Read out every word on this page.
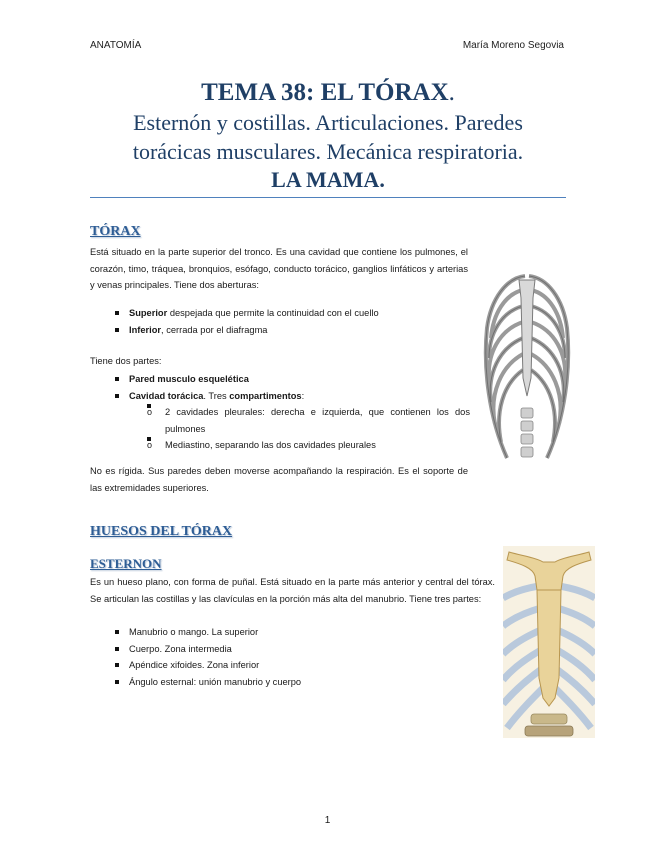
ANATOMÍA	María Moreno Segovia
TEMA 38: EL TÓRAX.
Esternón y costillas. Articulaciones. Paredes
torácicas musculares. Mecánica respiratoria.
LA MAMA.
TÓRAX
Está situado en la parte superior del tronco. Es una cavidad que contiene los pulmones, el corazón, timo, tráquea, bronquios, esófago, conducto torácico, ganglios linfáticos y arterias y venas principales. Tiene dos aberturas:
Superior despejada que permite la continuidad con el cuello
Inferior, cerrada por el diafragma
Tiene dos partes:
Pared musculo esquelética
Cavidad torácica. Tres compartimentos:
o 2 cavidades pleurales: derecha e izquierda, que contienen los dos pulmones
o Mediastino, separando las dos cavidades pleurales
No es rígida. Sus paredes deben moverse acompañando la respiración. Es el soporte de las extremidades superiores.
HUESOS DEL TÓRAX
ESTERNON
Es un hueso plano, con forma de puñal. Está situado en la parte más anterior y central del tórax. Se articulan las costillas y las clavículas en la porción más alta del manubrio. Tiene tres partes:
Manubrio o mango. La superior
Cuerpo. Zona intermedia
Apéndice xifoides. Zona inferior
Ángulo esternal: unión manubrio y cuerpo
1
